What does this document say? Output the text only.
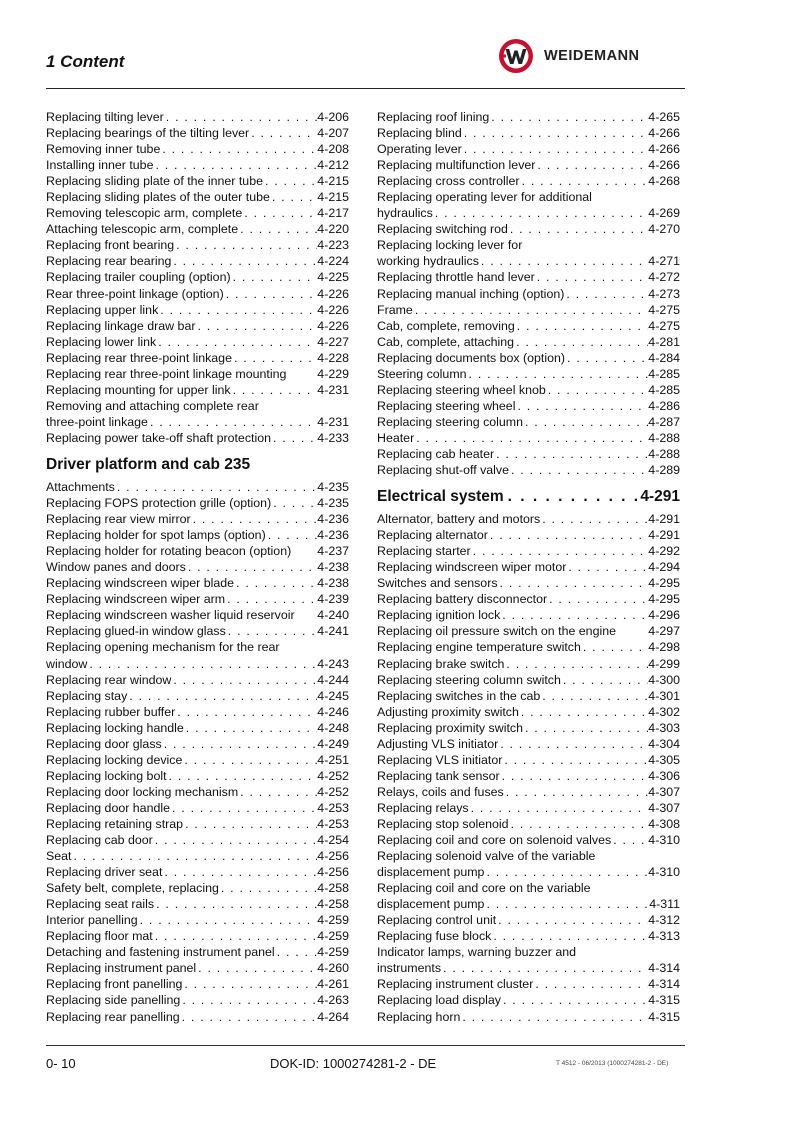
1 Content	WEIDEMANN
Replacing tilting lever . . .	4-206
Replacing bearings of the tilting lever . . .	4-207
Removing inner tube . . .	4-208
Installing inner tube . . .	4-212
Replacing sliding plate of the inner tube . . .	4-215
Replacing sliding plates of the outer tube . . .	4-215
Removing telescopic arm, complete . . .	4-217
Attaching telescopic arm, complete . . .	4-220
Replacing front bearing . . .	4-223
Replacing rear bearing . . .	4-224
Replacing trailer coupling (option) . . .	4-225
Rear three-point linkage (option) . . .	4-226
Replacing upper link . . .	4-226
Replacing linkage draw bar . . .	4-226
Replacing lower link . . .	4-227
Replacing rear three-point linkage . . .	4-228
Replacing rear three-point linkage mounting 4-229
Replacing mounting for upper link . . .	4-231
Removing and attaching complete rear
three-point linkage . . .	4-231
Replacing power take-off shaft protection . . .	4-233
Driver platform and cab 235
Attachments . . .	4-235
Replacing FOPS protection grille (option) . . .	4-235
Replacing rear view mirror . . .	4-236
Replacing holder for spot lamps (option) . . .	4-236
Replacing holder for rotating beacon (option) 4-237
Window panes and doors . . .	4-238
Replacing windscreen wiper blade . . .	4-238
Replacing windscreen wiper arm . . .	4-239
Replacing windscreen washer liquid reservoir 4-240
Replacing glued-in window glass . . .	4-241
Replacing opening mechanism for the rear
window . . .	4-243
Replacing rear window . . .	4-244
Replacing stay . . .	4-245
Replacing rubber buffer . . .	4-246
Replacing locking handle . . .	4-248
Replacing door glass . . .	4-249
Replacing locking device . . .	4-251
Replacing locking bolt . . .	4-252
Replacing door locking mechanism . . .	4-252
Replacing door handle . . .	4-253
Replacing retaining strap . . .	4-253
Replacing cab door . . .	4-254
Seat . . .	4-256
Replacing driver seat . . .	4-256
Safety belt, complete, replacing . . .	4-258
Replacing seat rails . . .	4-258
Interior panelling . . .	4-259
Replacing floor mat . . .	4-259
Detaching and fastening instrument panel . . .	4-259
Replacing instrument panel . . .	4-260
Replacing front panelling . . .	4-261
Replacing side panelling . . .	4-263
Replacing rear panelling . . .	4-264
Replacing roof lining . . .	4-265
Replacing blind . . .	4-266
Operating lever . . .	4-266
Replacing multifunction lever . . .	4-266
Replacing cross controller . . .	4-268
Replacing operating lever for additional
hydraulics . . .	4-269
Replacing switching rod . . .	4-270
Replacing locking lever for
working hydraulics . . .	4-271
Replacing throttle hand lever . . .	4-272
Replacing manual inching (option) . . .	4-273
Frame . . .	4-275
Cab, complete, removing . . .	4-275
Cab, complete, attaching . . .	4-281
Replacing documents box (option) . . .	4-284
Steering column . . .	4-285
Replacing steering wheel knob . . .	4-285
Replacing steering wheel . . .	4-286
Replacing steering column . . .	4-287
Heater . . .	4-288
Replacing cab heater . . .	4-288
Replacing shut-off valve . . .	4-289
Electrical system . . .	4-291
Alternator, battery and motors . . .	4-291
Replacing alternator . . .	4-291
Replacing starter . . .	4-292
Replacing windscreen wiper motor . . .	4-294
Switches and sensors . . .	4-295
Replacing battery disconnector . . .	4-295
Replacing ignition lock . . .	4-296
Replacing oil pressure switch on the engine	4-297
Replacing engine temperature switch . . .	4-298
Replacing brake switch . . .	4-299
Replacing steering column switch . . .	4-300
Replacing switches in the cab . . .	4-301
Adjusting proximity switch . . .	4-302
Replacing proximity switch . . .	4-303
Adjusting VLS initiator . . .	4-304
Replacing VLS initiator . . .	4-305
Replacing tank sensor . . .	4-306
Relays, coils and fuses . . .	4-307
Replacing relays . . .	4-307
Replacing stop solenoid . . .	4-308
Replacing coil and core on solenoid valves . . .	4-310
Replacing solenoid valve of the variable
displacement pump . . .	4-310
Replacing coil and core on the variable
displacement pump . . .	4-311
Replacing control unit . . .	4-312
Replacing fuse block . . .	4-313
Indicator lamps, warning buzzer and
instruments . . .	4-314
Replacing instrument cluster . . .	4-314
Replacing load display . . .	4-315
Replacing horn . . .	4-315
0- 10	DOK-ID: 1000274281-2 - DE	T 4512 - 06/2013 (1000274281-2 - DE)
